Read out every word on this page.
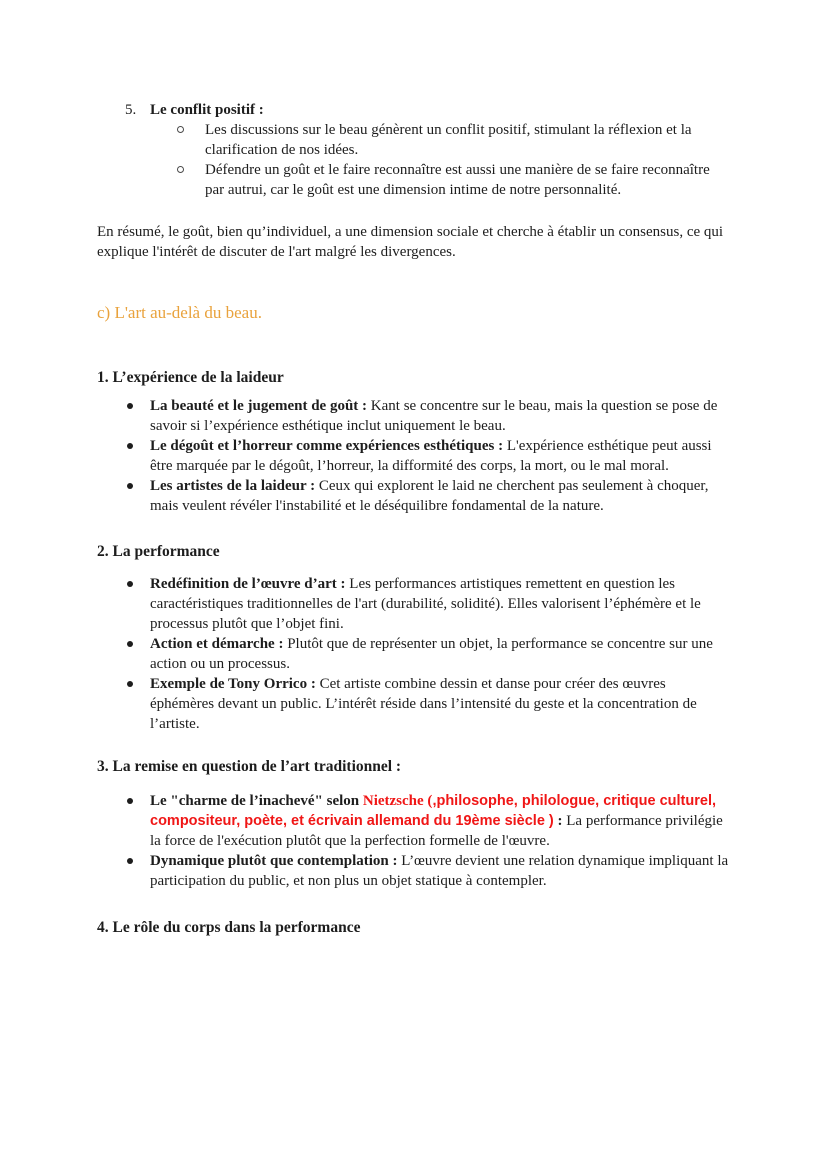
5. Le conflit positif :
Les discussions sur le beau génèrent un conflit positif, stimulant la réflexion et la clarification de nos idées.
Défendre un goût et le faire reconnaître est aussi une manière de se faire reconnaître par autrui, car le goût est une dimension intime de notre personnalité.

En résumé, le goût, bien qu’individuel, a une dimension sociale et cherche à établir un consensus, ce qui explique l'intérêt de discuter de l'art malgré les divergences.

c) L'art au-delà du beau.
1. L’expérience de la laideur
La beauté et le jugement de goût : Kant se concentre sur le beau, mais la question se pose de savoir si l’expérience esthétique inclut uniquement le beau.
Le dégoût et l’horreur comme expériences esthétiques : L'expérience esthétique peut aussi être marquée par le dégoût, l’horreur, la difformité des corps, la mort, ou le mal moral.
Les artistes de la laideur : Ceux qui explorent le laid ne cherchent pas seulement à choquer, mais veulent révéler l'instabilité et le déséquilibre fondamental de la nature.
2. La performance
Redéfinition de l’œuvre d’art : Les performances artistiques remettent en question les caractéristiques traditionnelles de l'art (durabilité, solidité). Elles valorisent l’éphémère et le processus plutôt que l’objet fini.
Action et démarche : Plutôt que de représenter un objet, la performance se concentre sur une action ou un processus.
Exemple de Tony Orrico : Cet artiste combine dessin et danse pour créer des œuvres éphémères devant un public. L’intérêt réside dans l’intensité du geste et la concentration de l’artiste.
3. La remise en question de l’art traditionnel :
Le "charme de l’inachevé" selon Nietzsche (,philosophe, philologue, critique culturel, compositeur, poète, et écrivain allemand du 19ème siècle ) : La performance privilégie la force de l'exécution plutôt que la perfection formelle de l'œuvre.
Dynamique plutôt que contemplation : L’œuvre devient une relation dynamique impliquant la participation du public, et non plus un objet statique à contempler.
4. Le rôle du corps dans la performance
